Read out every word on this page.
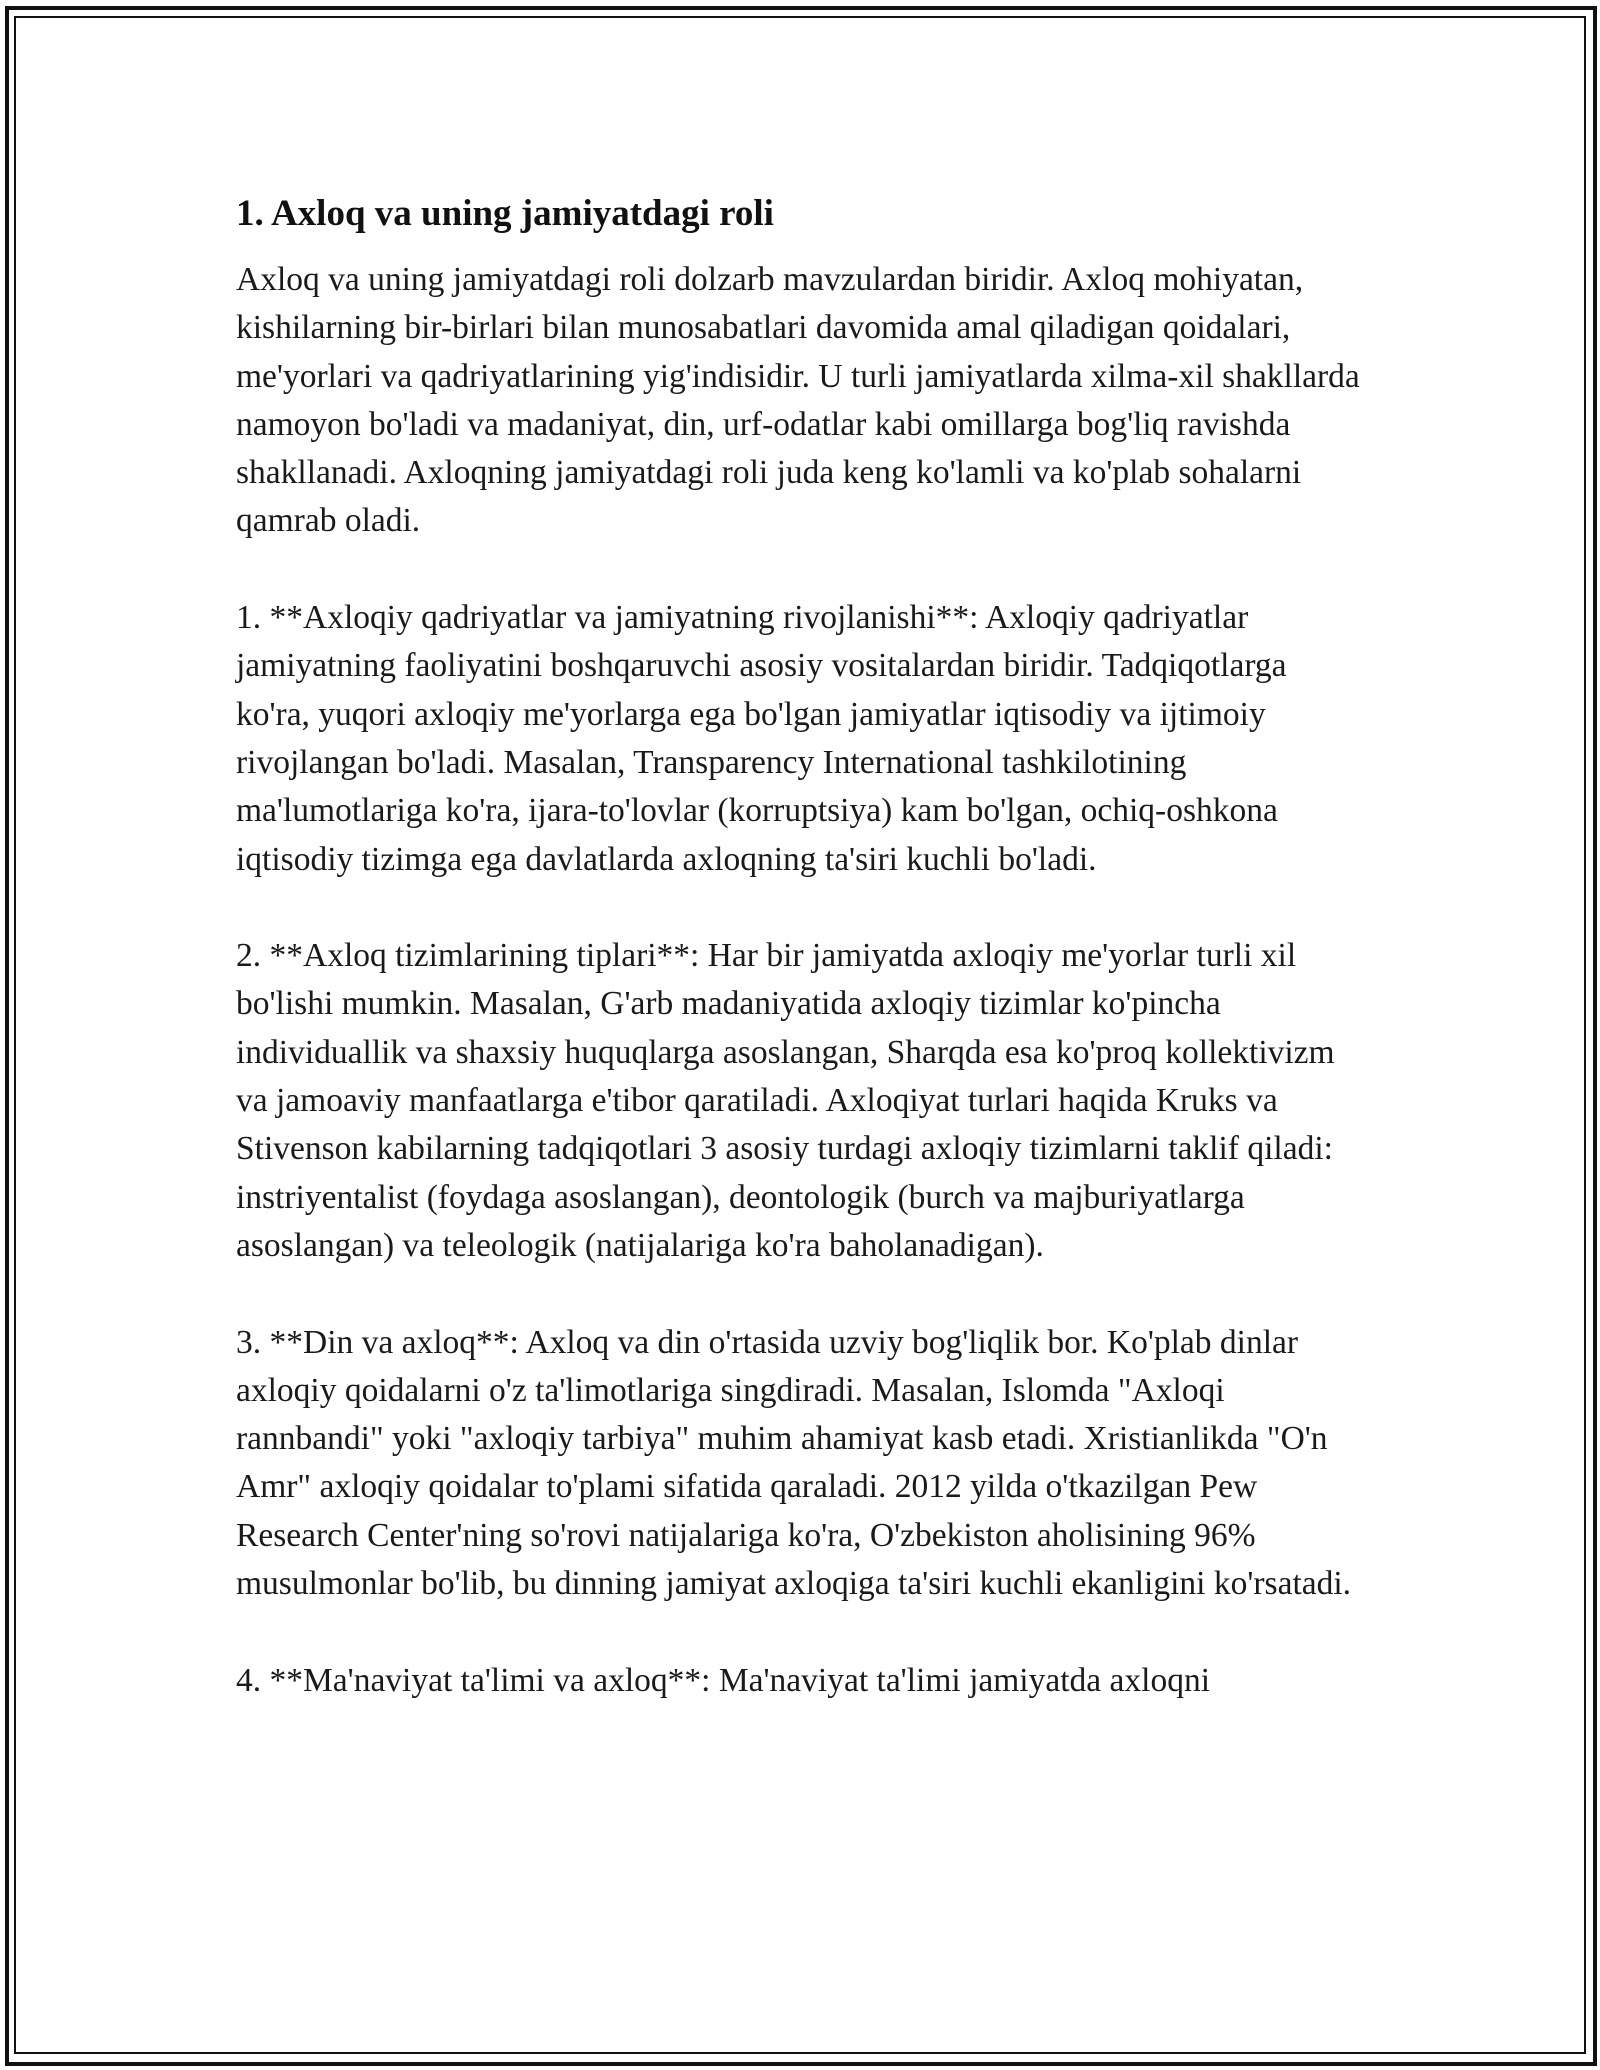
1. Axloq va uning jamiyatdagi roli

Axloq va uning jamiyatdagi roli dolzarb mavzulardan biridir. Axloq mohiyatan, kishilarning bir-birlari bilan munosabatlari davomida amal qiladigan qoidalari, me'yorlari va qadriyatlarining yig'indisidir. U turli jamiyatlarda xilma-xil shakllarda namoyon bo'ladi va madaniyat, din, urf-odatlar kabi omillarga bog'liq ravishda shakllanadi. Axloqning jamiyatdagi roli juda keng ko'lamli va ko'plab sohalarni qamrab oladi.

1. **Axloqiy qadriyatlar va jamiyatning rivojlanishi**: Axloqiy qadriyatlar jamiyatning faoliyatini boshqaruvchi asosiy vositalardan biridir. Tadqiqotlarga ko'ra, yuqori axloqiy me'yorlarga ega bo'lgan jamiyatlar iqtisodiy va ijtimoiy rivojlangan bo'ladi. Masalan, Transparency International tashkilotining ma'lumotlariga ko'ra, ijara-to'lovlar (korruptsiya) kam bo'lgan, ochiq-oshkona iqtisodiy tizimga ega davlatlarda axloqning ta'siri kuchli bo'ladi.

2. **Axloq tizimlarining tiplari**: Har bir jamiyatda axloqiy me'yorlar turli xil bo'lishi mumkin. Masalan, G'arb madaniyatida axloqiy tizimlar ko'pincha individuallik va shaxsiy huquqlarga asoslangan, Sharqda esa ko'proq kollektivizm va jamoaviy manfaatlarga e'tibor qaratiladi. Axloqiyat turlari haqida Kruks va Stivenson kabilarning tadqiqotlari 3 asosiy turdagi axloqiy tizimlarni taklif qiladi: instriyentalist (foydaga asoslangan), deontologik (burch va majburiyatlarga asoslangan) va teleologik (natijalariga ko'ra baholanadigan).

3. **Din va axloq**: Axloq va din o'rtasida uzviy bog'liqlik bor. Ko'plab dinlar axloqiy qoidalarni o'z ta'limotlariga singdiradi. Masalan, Islomda "Axloqi rannbandi" yoki "axloqiy tarbiya" muhim ahamiyat kasb etadi. Xristianlikda "O'n Amr" axloqiy qoidalar to'plami sifatida qaraladi. 2012 yilda o'tkazilgan Pew Research Center'ning so'rovi natijalariga ko'ra, O'zbekiston aholisining 96% musulmonlar bo'lib, bu dinning jamiyat axloqiga ta'siri kuchli ekanligini ko'rsatadi.

4. **Ma'naviyat ta'limi va axloq**: Ma'naviyat ta'limi jamiyatda axloqni
